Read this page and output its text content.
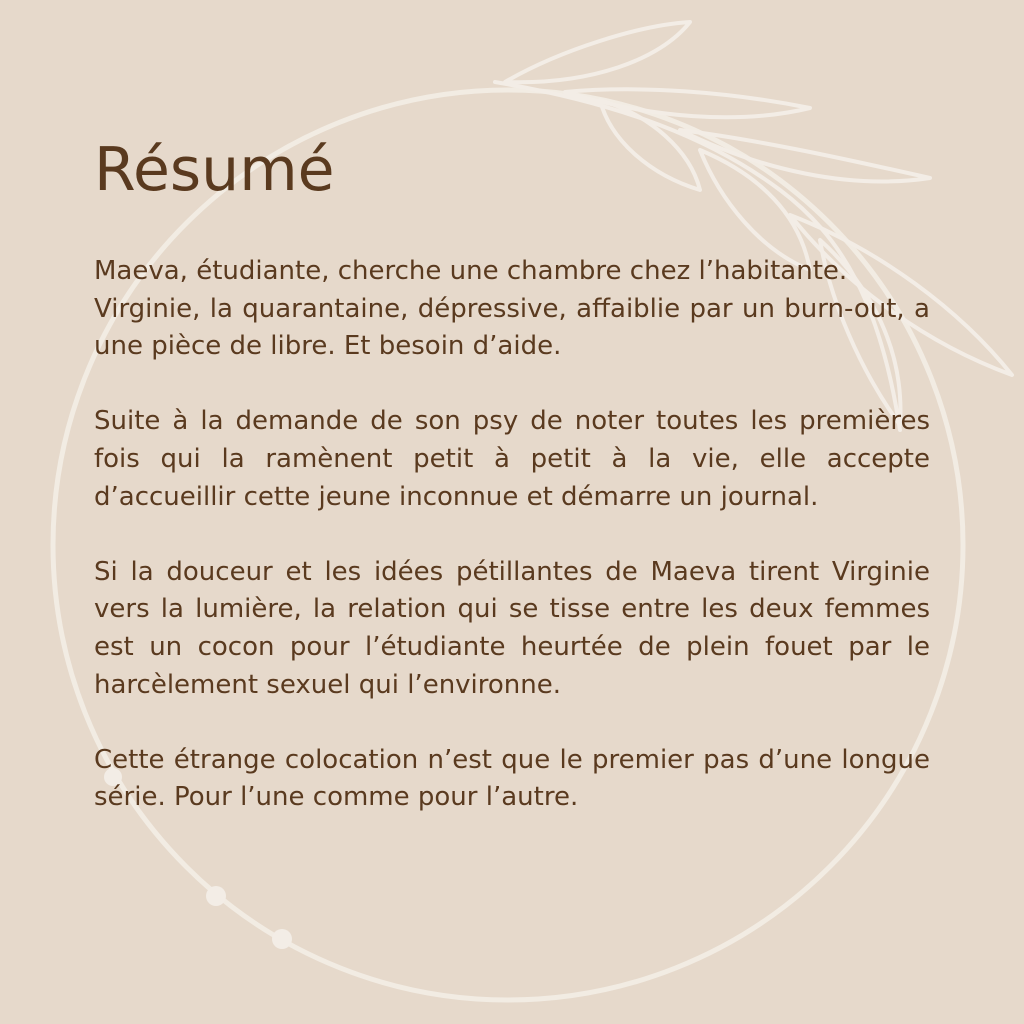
Résumé

Maeva, étudiante, cherche une chambre chez l’habitante.

Virginie, la quarantaine, dépressive, affaiblie par un burn-out, a une pièce de libre. Et besoin d’aide.

Suite à la demande de son psy de noter toutes les premières fois qui la ramènent petit à petit à la vie, elle accepte d’accueillir cette jeune inconnue et démarre un journal.

Si la douceur et les idées pétillantes de Maeva tirent Virginie vers la lumière, la relation qui se tisse entre les deux femmes est un cocon pour l’étudiante heurtée de plein fouet par le harcèlement sexuel qui l’environne.

Cette étrange colocation n’est que le premier pas d’une longue série. Pour l’une comme pour l’autre.
